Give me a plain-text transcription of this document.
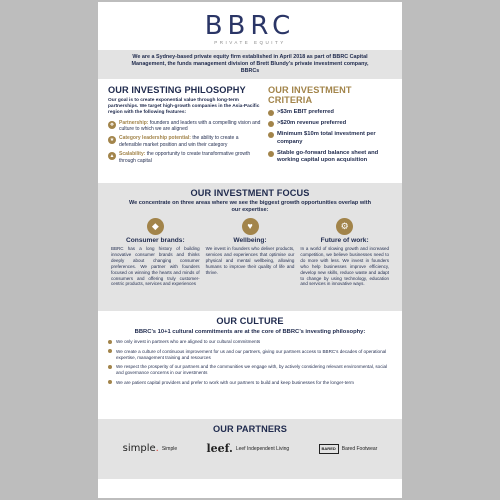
BBRC
PRIVATE EQUITY
We are a Sydney-based private equity firm established in April 2018 as part of BBRC Capital Management, the funds management division of Brett Blundy’s private investment company, BBRCs
OUR INVESTING PHILOSOPHY
Our goal is to create exponential value through long-term partnerships. We target high-growth companies in the Asia-Pacific region with the following features:
❖ Partnership: founders and leaders with a compelling vision and culture to which we are aligned
★ Category leadership potential: the ability to create a defensible market position and win their category
▲ Scalability: the opportunity to create transformative growth through capital
OUR INVESTMENT CRITERIA
>$3m EBIT preferred
>$20m revenue preferred
Minimum $10m total investment per company
Stable go-forward balance sheet and working capital upon acquisition
OUR INVESTMENT FOCUS
We concentrate on three areas where we see the biggest growth opportunities overlap with our expertise:
◆
Consumer brands:
BBRC has a long history of building innovative consumer brands and thinks deeply about changing consumer preferences. We partner with founders focused on winning the hearts and minds of consumers and offering truly customer-centric products, services and experiences
♥
Wellbeing:
We invest in founders who deliver products, services and experiences that optimise our physical and mental wellbeing, allowing humans to improve their quality of life and thrive.
⚙
Future of work:
In a world of slowing growth and increased competition, we believe businesses need to do more with less. We invest in founders who help businesses improve efficiency, develop new skills, reduce waste and adapt to change by using technology, education and services in innovative ways.
OUR CULTURE
BBRC’s 10+1 cultural commitments are at the core of BBRC’s investing philosophy:
We only invest in partners who are aligned to our cultural commitments
We create a culture of continuous improvement for us and our partners, giving our partners access to BBRC’s decades of operational expertise, management training and resources
We respect the prosperity of our partners and the communities we engage with, by actively considering relevant environmental, social and governance concerns in our investments
We are patient capital providers and prefer to work with our partners to build and keep businesses for the longer-term
OUR PARTNERS
simple. Simple	leef. Leef Independent Living	BARED	Bared Footwear
